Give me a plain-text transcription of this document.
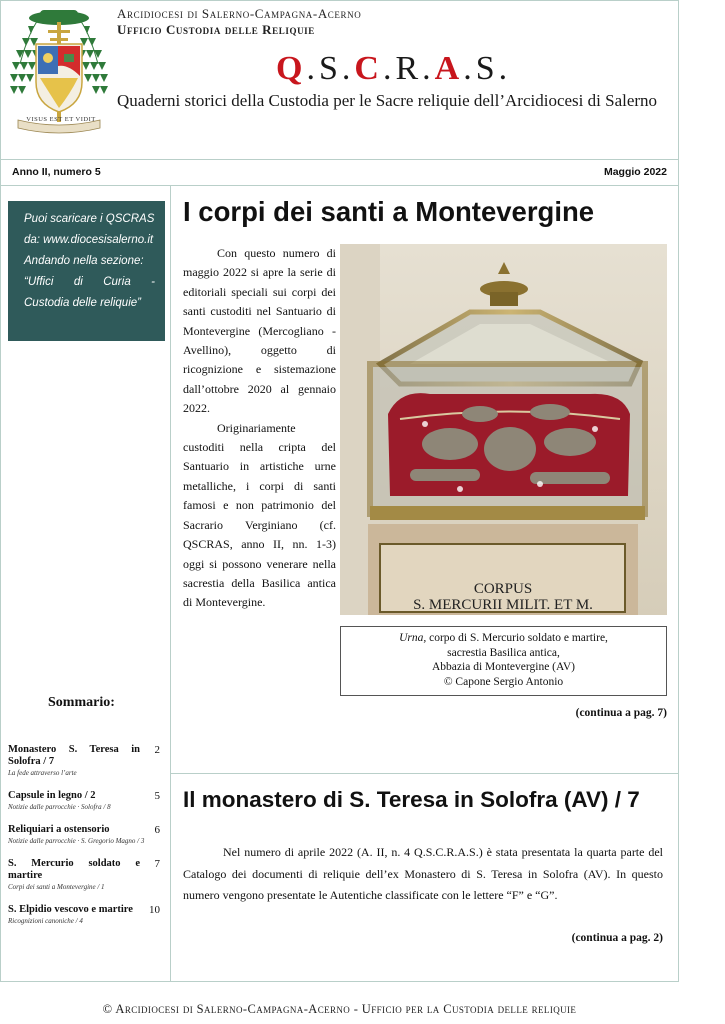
VISUS EST ET VIDIT
Arcidiocesi di Salerno-Campagna-Acerno
Ufficio Custodia delle Reliquie
Q.S.C.R.A.S.
Quaderni storici della Custodia per le Sacre reliquie dell’Arcidiocesi di Salerno
Anno II, numero 5	Maggio 2022
Puoi scaricare i QSCRAS
da: www.diocesisalerno.it
Andando nella sezione:
“Uffici di Curia -
Custodia delle reliquie”
Sommario:
Monastero S. Teresa in Solofra / 7
La fede attraverso l’arte
2
Capsule in legno / 2
Notizie dalle parrocchie · Solofra / 8
5
Reliquiari a ostensorio
Notizie dalle parrocchie · S. Gregorio Magno / 3
6
S. Mercurio soldato e martire
Corpi dei santi a Montevergine / 1
7
S. Elpidio vescovo e martire
Ricognizioni canoniche / 4
10
I corpi dei santi a Montevergine

Con questo numero di maggio 2022 si apre la serie di editoriali speciali sui corpi dei santi custoditi nel Santuario di Montevergine (Mercogliano - Avellino), oggetto di ricognizione e sistemazione dall’ottobre 2020 al gennaio 2022.

Originariamente custoditi nella cripta del Santuario in artistiche urne metalliche, i corpi di santi famosi e non patrimonio del Sacrario Verginiano (cf. QSCRAS, anno II, nn. 1-3) oggi si possono venerare nella sacrestia della Basilica antica di Montevergine.

CORPUS
S. MERCURII MILIT. ET M.
Urna, corpo di S. Mercurio soldato e martire,
sacrestia Basilica antica,
Abbazia di Montevergine (AV)
© Capone Sergio Antonio
(continua a pag. 7)
Il monastero di S. Teresa in Solofra (AV) / 7

Nel numero di aprile 2022 (A. II, n. 4 Q.S.C.R.A.S.) è stata presentata la quarta parte del Catalogo dei documenti di reliquie dell’ex Monastero di S. Teresa in Solofra (AV). In questo numero vengono presentate le Autentiche classificate con le lettere “F” e “G”.

(continua a pag. 2)
© Arcidiocesi di Salerno-Campagna-Acerno - Ufficio per la Custodia delle reliquie
